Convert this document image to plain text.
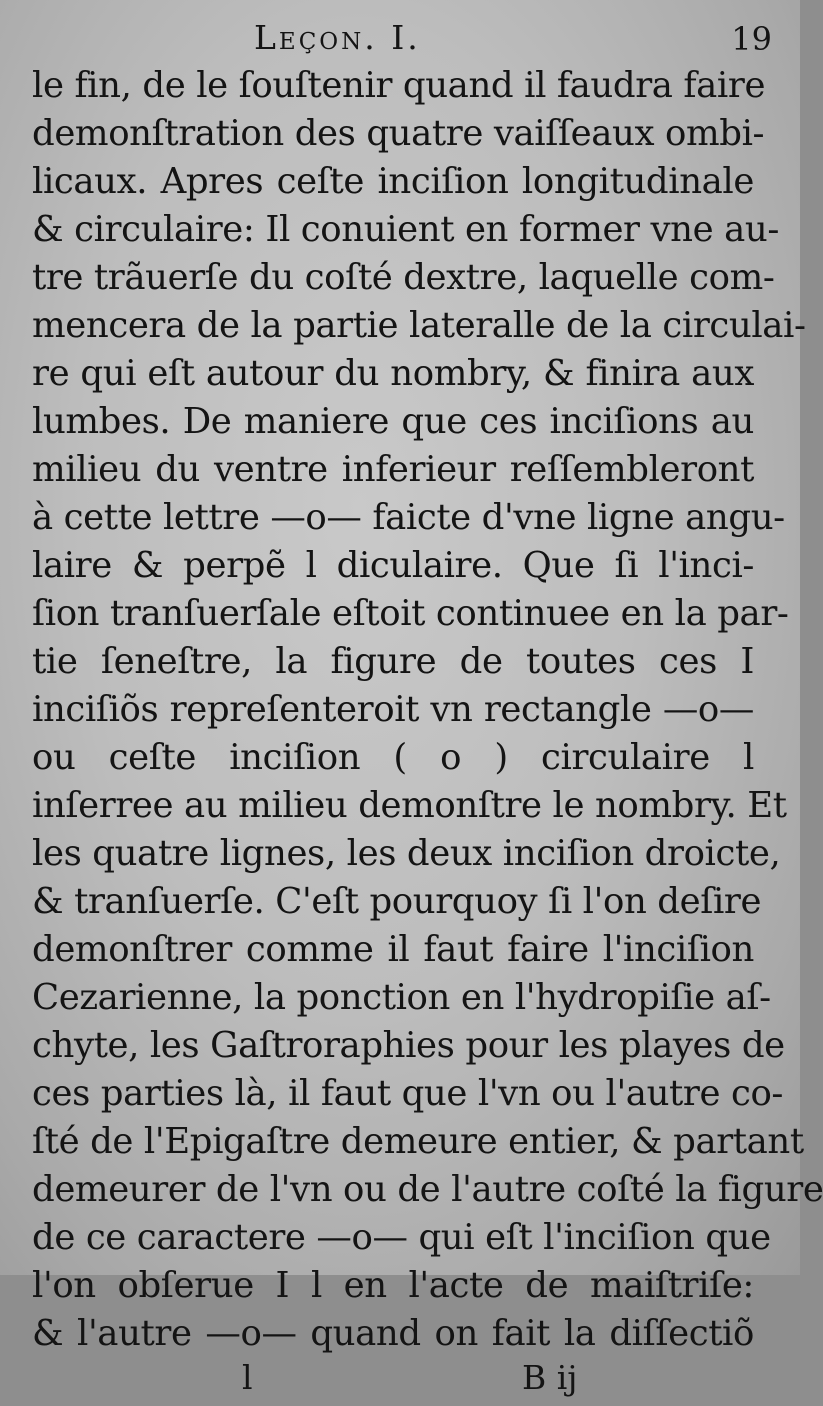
Leçon. I.	19
le fin, de le ſouſtenir quand il faudra faire
demonſtration des quatre vaiſſeaux ombi-
licaux. Apres ceſte inciſion longitudinale
& circulaire: Il conuient en former vne au-
tre trãuerſe du coſté dextre, laquelle com-
mencera de la partie lateralle de la circulai-
re qui eſt autour du nombry, & finira aux
lumbes. De maniere que ces inciſions au
milieu du ventre inferieur reſſembleront
à cette lettre —o— faicte d'vne ligne angu-
laire & perpẽ l diculaire. Que ſi l'inci-
ſion tranſuerſale eſtoit continuee en la par-
tie ſeneſtre, la figure de toutes ces I
inciſiõs repreſenteroit vn rectangle —o—
ou ceſte inciſion ( o ) circulaire l
inſerree au milieu demonſtre le nombry. Et
les quatre lignes, les deux inciſion droicte,
& tranſuerſe. C'eſt pourquoy ſi l'on deſire
demonſtrer comme il faut faire l'inciſion
Cezarienne, la ponction en l'hydropiſie aſ-
chyte, les Gaſtroraphies pour les playes de
ces parties là, il faut que l'vn ou l'autre co-
ſté de l'Epigaſtre demeure entier, & partant
demeurer de l'vn ou de l'autre coſté la figure
de ce caractere —o— qui eſt l'inciſion que
l'on obſerue I l en l'acte de maiſtriſe:
& l'autre —o— quand on fait la diſſectiõ
l	B ij
